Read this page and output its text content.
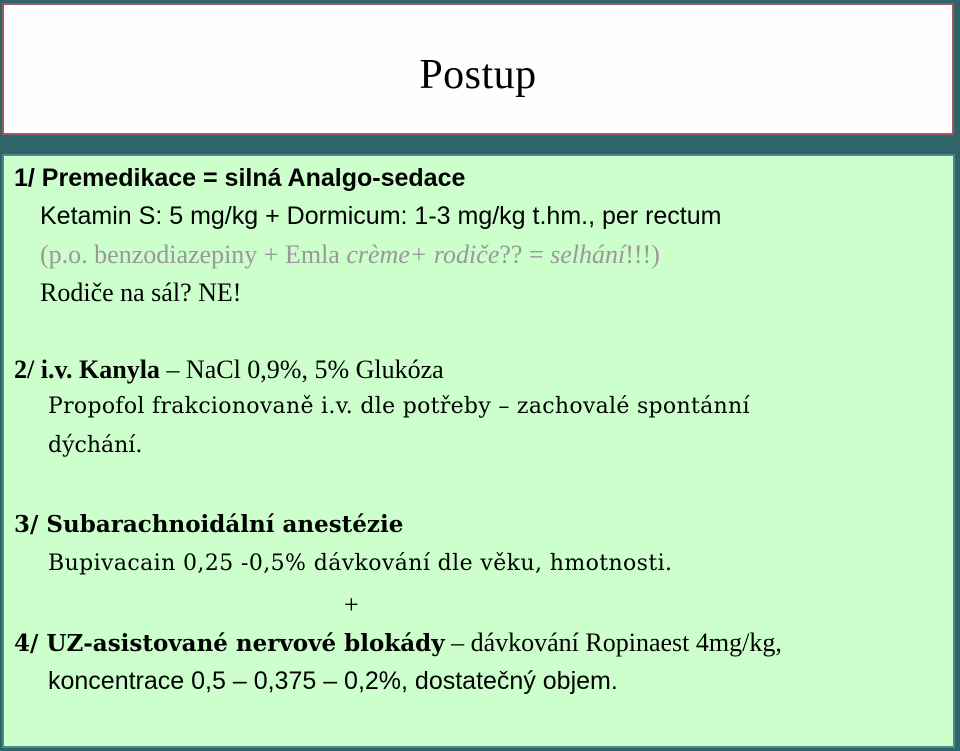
Postup
1/ Premedikace = silná Analgo-sedace
Ketamin S: 5 mg/kg + Dormicum: 1-3 mg/kg t.hm., per rectum
(p.o. benzodiazepiny + Emla crème+ rodiče?? = selhání!!!)
Rodiče na sál? NE!
2/ i.v. Kanyla – NaCl 0,9%, 5% Glukóza
Propofol frakcionovaně i.v. dle potřeby – zachovalé spontánní
dýchání.
3/ Subarachnoidální anestézie
Bupivacain 0,25 -0,5% dávkování dle věku, hmotnosti.
+
4/ UZ-asistované nervové blokády – dávkování Ropinaest 4mg/kg,
koncentrace 0,5 – 0,375 – 0,2%, dostatečný objem.
